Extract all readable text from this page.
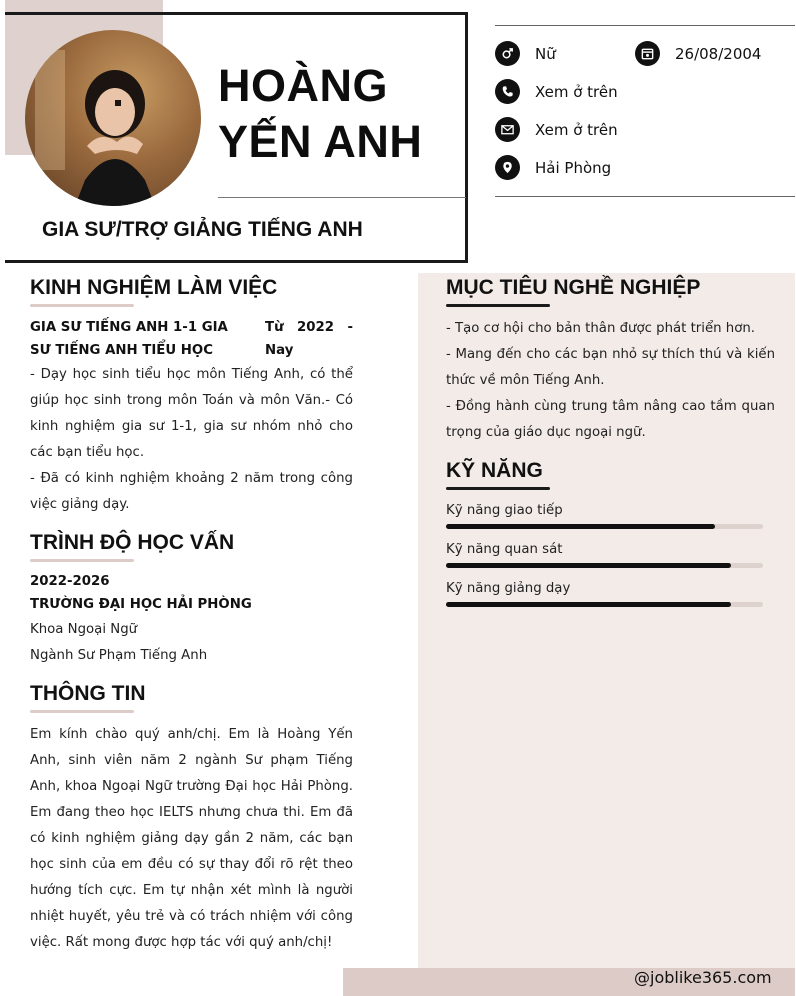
HOÀNG
YẾN ANH
GIA SƯ/TRỢ GIẢNG TIẾNG ANH
Nữ	26/08/2004
Xem ở trên
Xem ở trên
Hải Phòng
KINH NGHIỆM LÀM VIỆC
GIA SƯ TIẾNG ANH 1-1 GIA SƯ TIẾNG ANH TIỂU HỌC
Từ 2022 - Nay
- Dạy học sinh tiểu học môn Tiếng Anh, có thể giúp học sinh trong môn Toán và môn Văn.- Có kinh nghiệm gia sư 1-1, gia sư nhóm nhỏ cho các bạn tiểu học.
- Đã có kinh nghiệm khoảng 2 năm trong công việc giảng dạy.
TRÌNH ĐỘ HỌC VẤN
2022-2026
TRƯỜNG ĐẠI HỌC HẢI PHÒNG
Khoa Ngoại Ngữ
Ngành Sư Phạm Tiếng Anh
THÔNG TIN
Em kính chào quý anh/chị. Em là Hoàng Yến Anh, sinh viên năm 2 ngành Sư phạm Tiếng Anh, khoa Ngoại Ngữ trường Đại học Hải Phòng. Em đang theo học IELTS nhưng chưa thi. Em đã có kinh nghiệm giảng dạy gần 2 năm, các bạn học sinh của em đều có sự thay đổi rõ rệt theo hướng tích cực. Em tự nhận xét mình là người nhiệt huyết, yêu trẻ và có trách nhiệm với công việc. Rất mong được hợp tác với quý anh/chị!
MỤC TIÊU NGHỀ NGHIỆP
- Tạo cơ hội cho bản thân được phát triển hơn.
- Mang đến cho các bạn nhỏ sự thích thú và kiến thức về môn Tiếng Anh.
- Đồng hành cùng trung tâm nâng cao tầm quan trọng của giáo dục ngoại ngữ.
KỸ NĂNG
Kỹ năng giao tiếp
Kỹ năng quan sát
Kỹ năng giảng dạy
@joblike365.com
